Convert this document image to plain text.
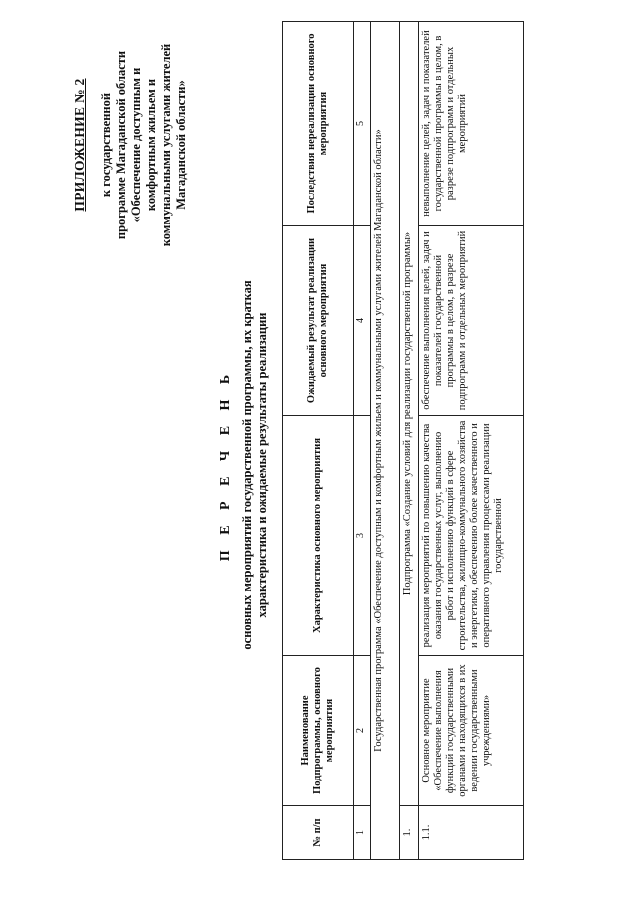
ПРИЛОЖЕНИЕ № 2 к государственной программе Магаданской области «Обеспечение доступным и комфортным жильем и коммунальными услугами жителей Магаданской области»
П Е Р Е Ч Е Н Ь основных мероприятий государственной программы, их краткая характеристика и ожидаемые результаты реализации
№ п/п	Наименование Подпрограммы, основного мероприятия	Характеристика основного мероприятия	Ожидаемый результат реализации основного мероприятия	Последствия нереализации основного мероприятия
1	2	3	4	5
Государственная программа «Обеспечение доступным и комфортным жильем и коммунальными услугами жителей Магаданской области»				
1.	Подпрограмма «Создание условий для реализации государственной программы»			
1.1.	Основное мероприятие «Обеспечение выполнения функций государственными органами и находящихся в их ведении государственными учреждениями»	реализация мероприятий по повышению качества оказания государственных услуг, выполнению работ и исполнению функций в сфере строительства, жилищно-коммунального хозяйства и энергетики, обеспечению более качественного и оперативного управления процессами реализации государственной	обеспечение выполнения целей, задач и показателей государственной программы в целом, в разрезе подпрограмм и отдельных мероприятий	невыполнение целей, задач и показателей государственной программы в целом, в разрезе подпрограмм и отдельных мероприятий
